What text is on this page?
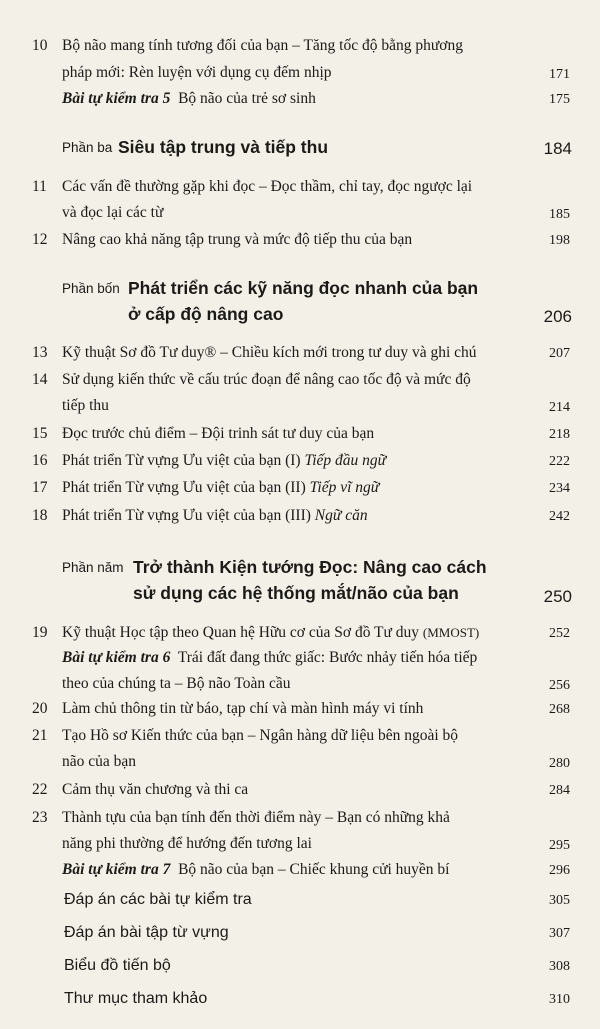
10 Bộ não mang tính tương đối của bạn – Tăng tốc độ bằng phương
pháp mới: Rèn luyện với dụng cụ đếm nhịp	171
Bài tự kiểm tra 5 Bộ não của trẻ sơ sinh	175
Phần ba Siêu tập trung và tiếp thu	184
11 Các vấn đề thường gặp khi đọc – Đọc thầm, chỉ tay, đọc ngược lại
và đọc lại các từ	185
12 Nâng cao khả năng tập trung và mức độ tiếp thu của bạn	198
Phần bốn Phát triển các kỹ năng đọc nhanh của bạn
ở cấp độ nâng cao	206
13 Kỹ thuật Sơ đồ Tư duy® – Chiều kích mới trong tư duy và ghi chú	207
14 Sử dụng kiến thức về cấu trúc đoạn để nâng cao tốc độ và mức độ
tiếp thu	214
15 Đọc trước chủ điểm – Đội trinh sát tư duy của bạn	218
16 Phát triển Từ vựng Ưu việt của bạn (I) Tiếp đầu ngữ	222
17 Phát triển Từ vựng Ưu việt của bạn (II) Tiếp vĩ ngữ	234
18 Phát triển Từ vựng Ưu việt của bạn (III) Ngữ căn	242
Phần năm Trở thành Kiện tướng Đọc: Nâng cao cách
sử dụng các hệ thống mắt/não của bạn	250
19 Kỹ thuật Học tập theo Quan hệ Hữu cơ của Sơ đồ Tư duy (MMOST)	252
Bài tự kiểm tra 6 Trái đất đang thức giấc: Bước nhảy tiến hóa tiếp
theo của chúng ta – Bộ não Toàn cầu	256
20 Làm chủ thông tin từ báo, tạp chí và màn hình máy vi tính	268
21 Tạo Hồ sơ Kiến thức của bạn – Ngân hàng dữ liệu bên ngoài bộ
não của bạn	280
22 Cảm thụ văn chương và thi ca	284
23 Thành tựu của bạn tính đến thời điểm này – Bạn có những khả
năng phi thường để hướng đến tương lai	295
Bài tự kiểm tra 7 Bộ não của bạn – Chiếc khung cửi huyền bí	296
Đáp án các bài tự kiểm tra	305
Đáp án bài tập từ vựng	307
Biểu đồ tiến bộ	308
Thư mục tham khảo	310
